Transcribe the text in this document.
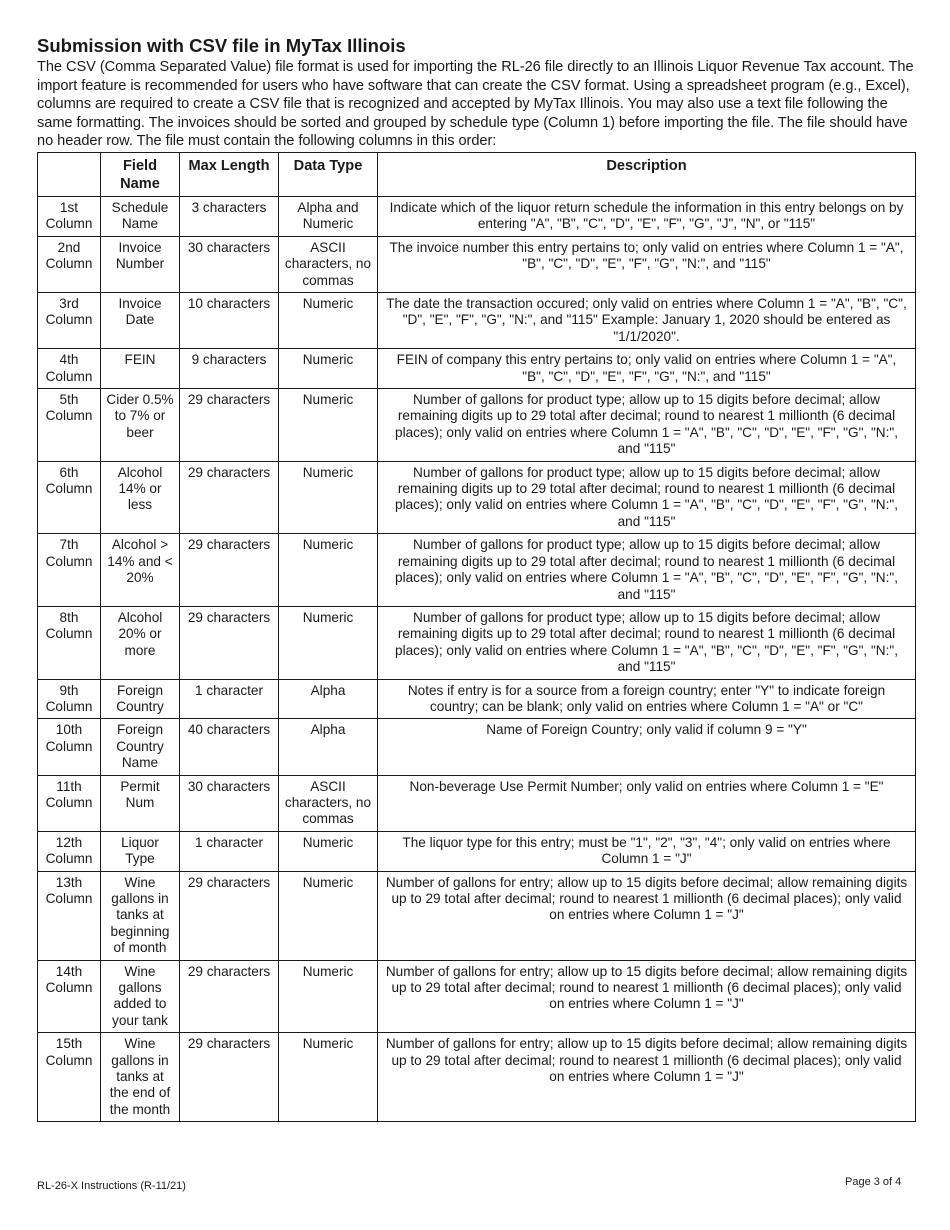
Submission with CSV file in MyTax Illinois

The CSV (Comma Separated Value) file format is used for importing the RL-26 file directly to an Illinois Liquor Revenue Tax account. The import feature is recommended for users who have software that can create the CSV format. Using a spreadsheet program (e.g., Excel), columns are required to create a CSV file that is recognized and accepted by MyTax Illinois. You may also use a text file following the same formatting. The invoices should be sorted and grouped by schedule type (Column 1) before importing the file. The file should have no header row. The file must contain the following columns in this order:

	Field Name	Max Length	Data Type	Description
1st Column	Schedule Name	3 characters	Alpha and Numeric	Indicate which of the liquor return schedule the information in this entry belongs on by entering "A", "B", "C", "D", "E", "F", "G", "J", "N", or "115"
2nd Column	Invoice Number	30 characters	ASCII characters, no commas	The invoice number this entry pertains to; only valid on entries where Column 1 = "A", "B", "C", "D", "E", "F", "G", "N:", and "115"
3rd Column	Invoice Date	10 characters	Numeric	The date the transaction occured; only valid on entries where Column 1 = "A", "B", "C", "D", "E", "F", "G", "N:", and "115" Example: January 1, 2020 should be entered as "1/1/2020".
4th Column	FEIN	9 characters	Numeric	FEIN of company this entry pertains to; only valid on entries where Column 1 = "A", "B", "C", "D", "E", "F", "G", "N:", and "115"
5th Column	Cider 0.5% to 7% or beer	29 characters	Numeric	Number of gallons for product type; allow up to 15 digits before decimal; allow remaining digits up to 29 total after decimal; round to nearest 1 millionth (6 decimal places); only valid on entries where Column 1 = "A", "B", "C", "D", "E", "F", "G", "N:", and "115"
6th Column	Alcohol 14% or less	29 characters	Numeric	Number of gallons for product type; allow up to 15 digits before decimal; allow remaining digits up to 29 total after decimal; round to nearest 1 millionth (6 decimal places); only valid on entries where Column 1 = "A", "B", "C", "D", "E", "F", "G", "N:", and "115"
7th Column	Alcohol > 14% and < 20%	29 characters	Numeric	Number of gallons for product type; allow up to 15 digits before decimal; allow remaining digits up to 29 total after decimal; round to nearest 1 millionth (6 decimal places); only valid on entries where Column 1 = "A", "B", "C", "D", "E", "F", "G", "N:", and "115"
8th Column	Alcohol 20% or more	29 characters	Numeric	Number of gallons for product type; allow up to 15 digits before decimal; allow remaining digits up to 29 total after decimal; round to nearest 1 millionth (6 decimal places); only valid on entries where Column 1 = "A", "B", "C", "D", "E", "F", "G", "N:", and "115"
9th Column	Foreign Country	1 character	Alpha	Notes if entry is for a source from a foreign country; enter "Y" to indicate foreign country; can be blank; only valid on entries where Column 1 = "A" or "C"
10th Column	Foreign Country Name	40 characters	Alpha	Name of Foreign Country; only valid if column 9 = "Y"
11th Column	Permit Num	30 characters	ASCII characters, no commas	Non-beverage Use Permit Number; only valid on entries where Column 1 = "E"
12th Column	Liquor Type	1 character	Numeric	The liquor type for this entry; must be "1", "2", "3", "4"; only valid on entries where Column 1 = "J"
13th Column	Wine gallons in tanks at beginning of month	29 characters	Numeric	Number of gallons for entry; allow up to 15 digits before decimal; allow remaining digits up to 29 total after decimal; round to nearest 1 millionth (6 decimal places); only valid on entries where Column 1 = "J"
14th Column	Wine gallons added to your tank	29 characters	Numeric	Number of gallons for entry; allow up to 15 digits before decimal; allow remaining digits up to 29 total after decimal; round to nearest 1 millionth (6 decimal places); only valid on entries where Column 1 = "J"
15th Column	Wine gallons in tanks at the end of the month	29 characters	Numeric	Number of gallons for entry; allow up to 15 digits before decimal; allow remaining digits up to 29 total after decimal; round to nearest 1 millionth (6 decimal places); only valid on entries where Column 1 = "J"
RL-26-X Instructions (R-11/21)	Page 3 of 4
